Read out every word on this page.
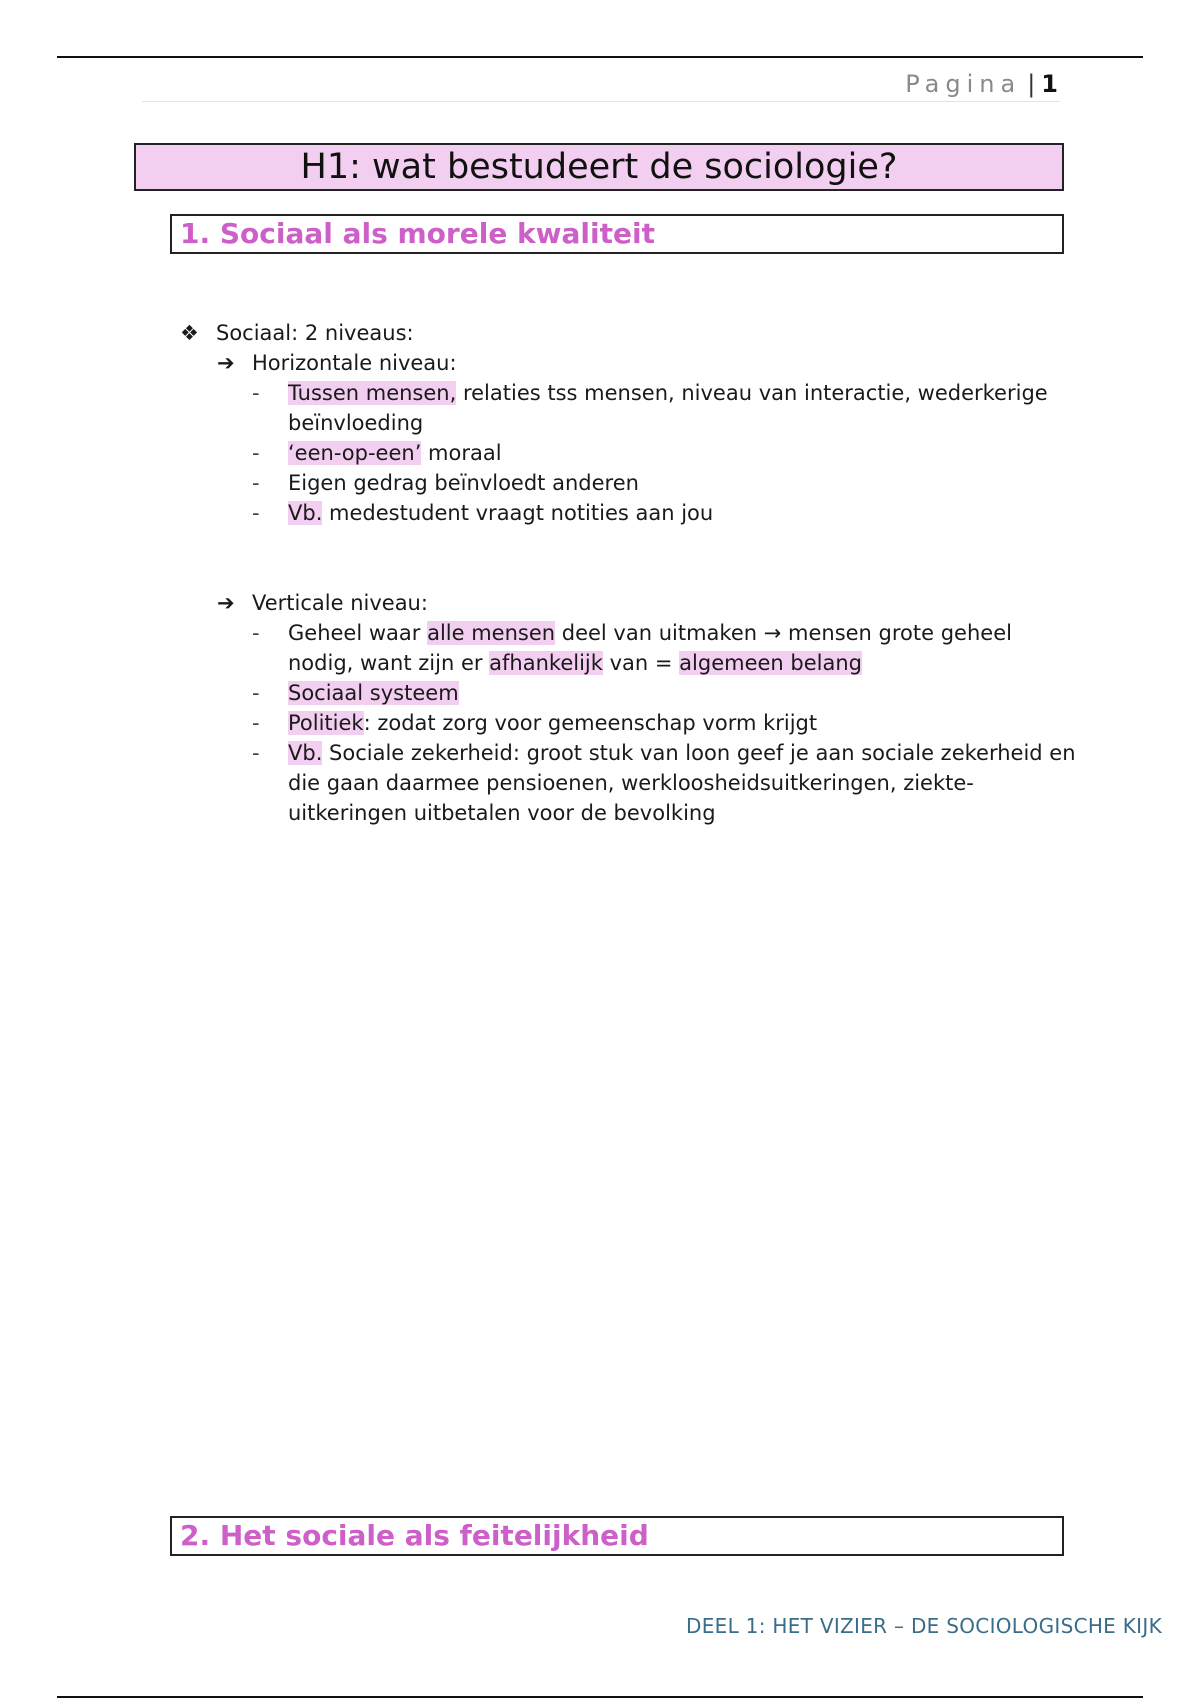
Pagina | 1
H1: wat bestudeert de sociologie?
1. Sociaal als morele kwaliteit
❖ Sociaal: 2 niveaus:
➔ Horizontale niveau:
- Tussen mensen, relaties tss mensen, niveau van interactie, wederkerige beïnvloeding
- ‘een-op-een’ moraal
- Eigen gedrag beïnvloedt anderen
- Vb. medestudent vraagt notities aan jou
➔ Verticale niveau:
- Geheel waar alle mensen deel van uitmaken → mensen grote geheel nodig, want zijn er afhankelijk van = algemeen belang
- Sociaal systeem
- Politiek: zodat zorg voor gemeenschap vorm krijgt
- Vb. Sociale zekerheid: groot stuk van loon geef je aan sociale zekerheid en die gaan daarmee pensioenen, werkloosheidsuitkeringen, ziekte-uitkeringen uitbetalen voor de bevolking
2. Het sociale als feitelijkheid
DEEL 1: HET VIZIER – DE SOCIOLOGISCHE KIJK
